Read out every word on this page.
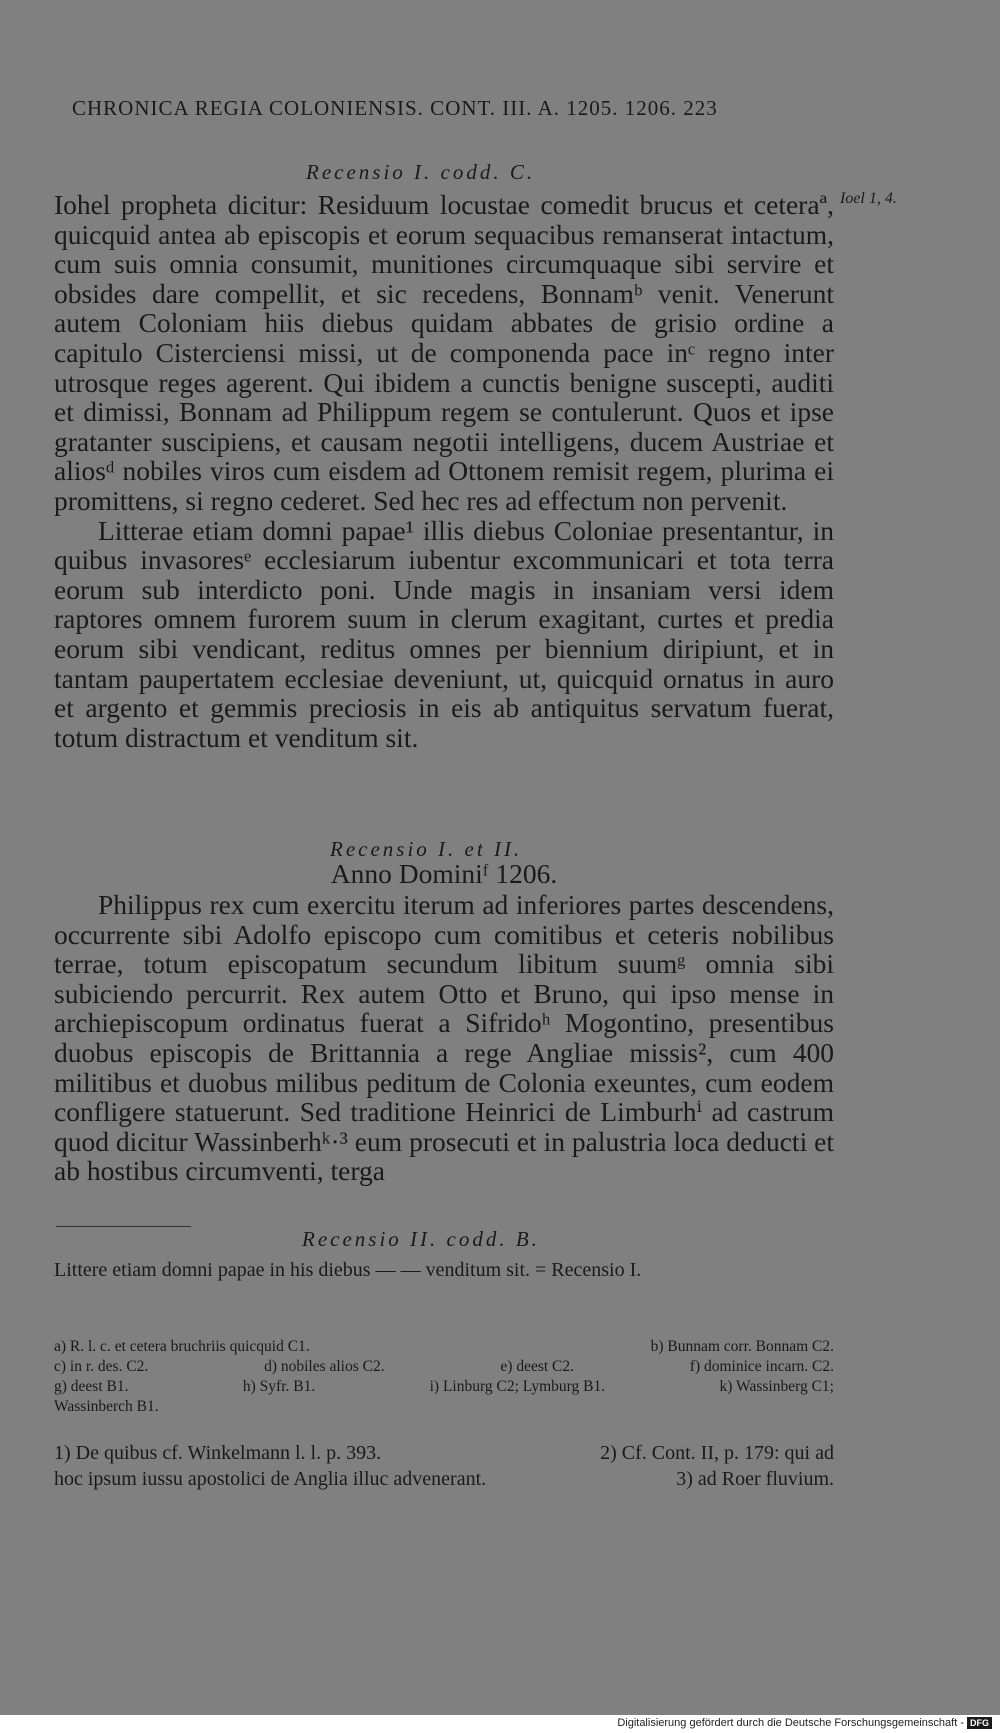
CHRONICA REGIA COLONIENSIS. CONT. III. A. 1205. 1206. 223
Recensio I. codd. C.
Ioel 1, 4.

Iohel propheta dicitur: Residuum locustae comedit brucus et ceteraª, quicquid antea ab episcopis et eorum sequacibus remanserat intactum, cum suis omnia consumit, munitiones circumquaque sibi servire et obsides dare compellit, et sic recedens, Bonnamᵇ venit. Venerunt autem Coloniam hiis diebus quidam abbates de grisio ordine a capitulo Cisterciensi missi, ut de componenda pace inᶜ regno inter utrosque reges agerent. Qui ibidem a cunctis benigne suscepti, auditi et dimissi, Bonnam ad Philippum regem se contulerunt. Quos et ipse gratanter suscipiens, et causam negotii intelligens, ducem Austriae et aliosᵈ nobiles viros cum eisdem ad Ottonem remisit regem, plurima ei promittens, si regno cederet. Sed hec res ad effectum non pervenit.

Litterae etiam domni papae¹ illis diebus Coloniae presentantur, in quibus invasoresᵉ ecclesiarum iubentur excommunicari et tota terra eorum sub interdicto poni. Unde magis in insaniam versi idem raptores omnem furorem suum in clerum exagitant, curtes et predia eorum sibi vendicant, reditus omnes per biennium diripiunt, et in tantam paupertatem ecclesiae deveniunt, ut, quicquid ornatus in auro et argento et gemmis preciosis in eis ab antiquitus servatum fuerat, totum distractum et venditum sit.

Recensio I. et II.
Anno Dominiᶠ 1206.

Philippus rex cum exercitu iterum ad inferiores partes descendens, occurrente sibi Adolfo episcopo cum comitibus et ceteris nobilibus terrae, totum episcopatum secundum libitum suumᵍ omnia sibi subiciendo percurrit. Rex autem Otto et Bruno, qui ipso mense in archiepiscopum ordinatus fuerat a Sifridoʰ Mogontino, presentibus duobus episcopis de Brittannia a rege Angliae missis², cum 400 militibus et duobus milibus peditum de Colonia exeuntes, cum eodem confligere statuerunt. Sed traditione Heinrici de Limburhⁱ ad castrum quod dicitur Wassinberhᵏ·³ eum prosecuti et in palustria loca deducti et ab hostibus circumventi, terga

Recensio II. codd. B.
Littere etiam domni papae in his diebus — — venditum sit. = Recensio I.
a) R. l. c. et cetera bruchriis quicquid C1.	b) Bunnam corr. Bonnam C2.
c) in r. des. C2.	d) nobiles alios C2.	e) deest C2.	f) dominice incarn. C2.
g) deest B1.	h) Syfr. B1.	i) Linburg C2; Lymburg B1.	k) Wassinberg C1;
Wassinberch B1.
1) De quibus cf. Winkelmann l. l. p. 393.	2) Cf. Cont. II, p. 179: qui ad
hoc ipsum iussu apostolici de Anglia illuc advenerant.	3) ad Roer fluvium.
Digitalisierung gefördert durch die Deutsche Forschungsgemeinschaft - DFG
